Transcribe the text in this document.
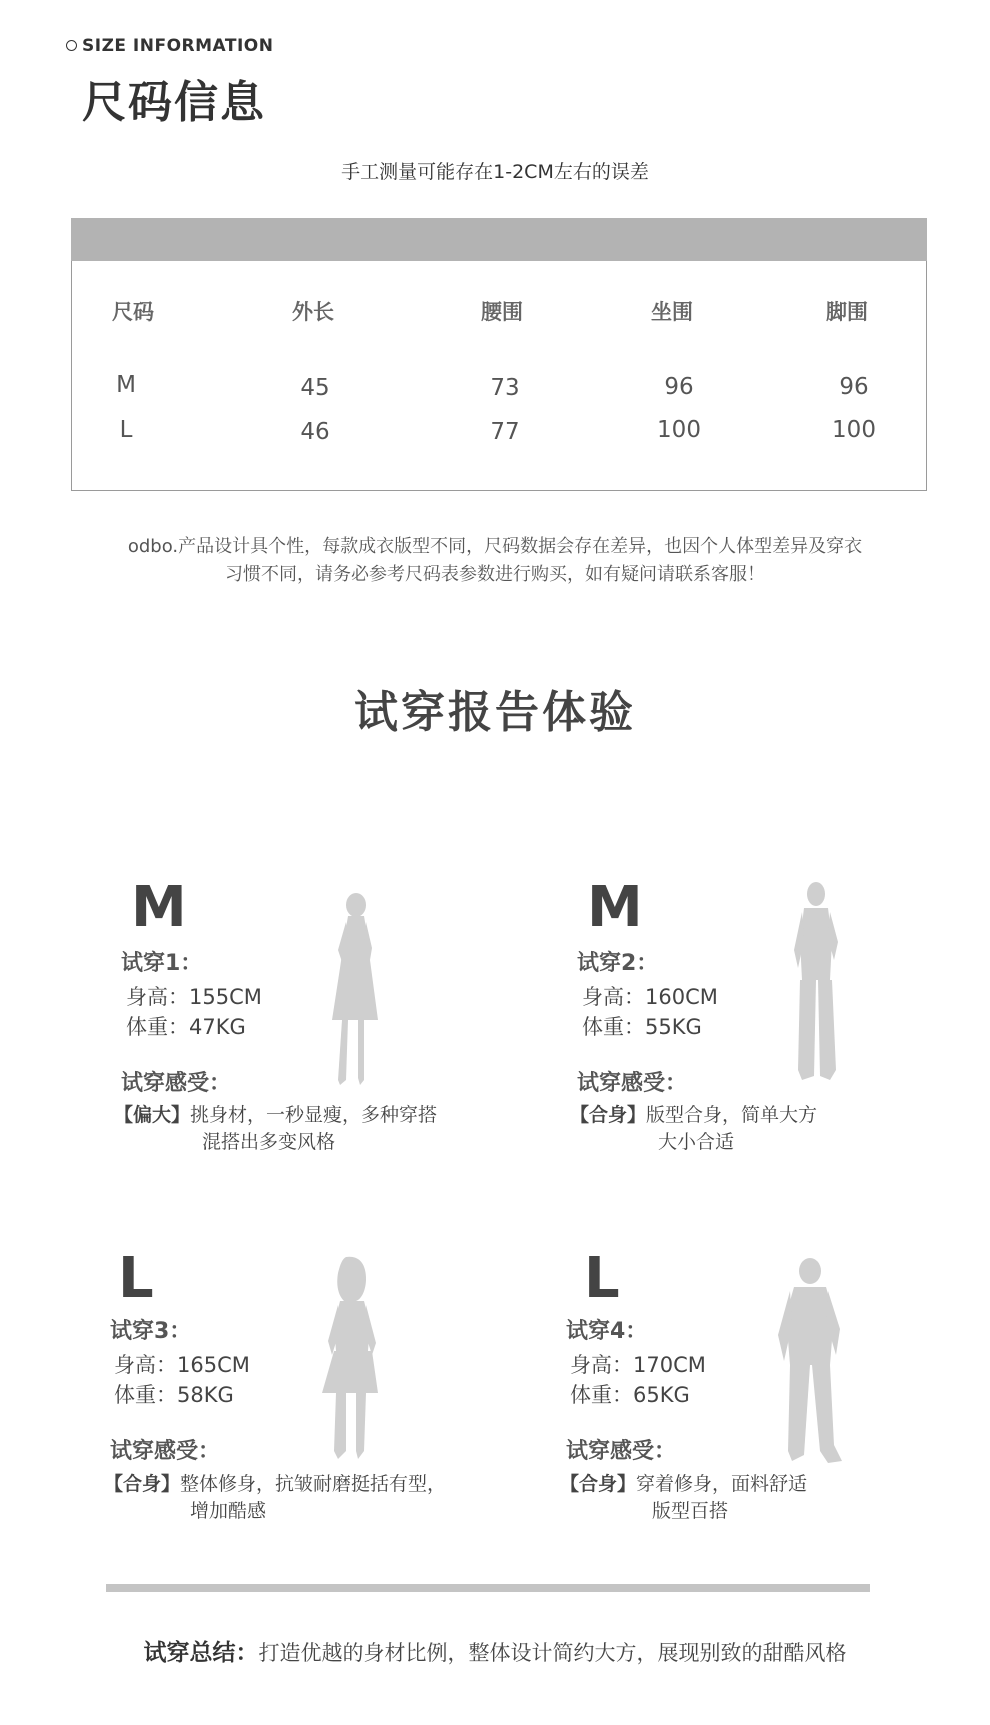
SIZE INFORMATION
尺码信息
手工测量可能存在1-2CM左右的误差
尺码	外长	腰围	坐围	脚围
M	45	73	96	96
L	46	77	100	100
odbo.产品设计具个性，每款成衣版型不同，尺码数据会存在差异，也因个人体型差异及穿衣
习惯不同，请务必参考尺码表参数进行购买，如有疑问请联系客服！
试穿报告体验
M
试穿1：
身高：155CM
体重：47KG
试穿感受：
【偏大】挑身材，一秒显瘦，多种穿搭
混搭出多变风格
M
试穿2：
身高：160CM
体重：55KG
试穿感受：
【合身】版型合身，简单大方
大小合适
L
试穿3：
身高：165CM
体重：58KG
试穿感受：
【合身】整体修身，抗皱耐磨挺括有型，
增加酷感
L
试穿4：
身高：170CM
体重：65KG
试穿感受：
【合身】穿着修身，面料舒适
版型百搭
试穿总结：打造优越的身材比例，整体设计简约大方，展现别致的甜酷风格
